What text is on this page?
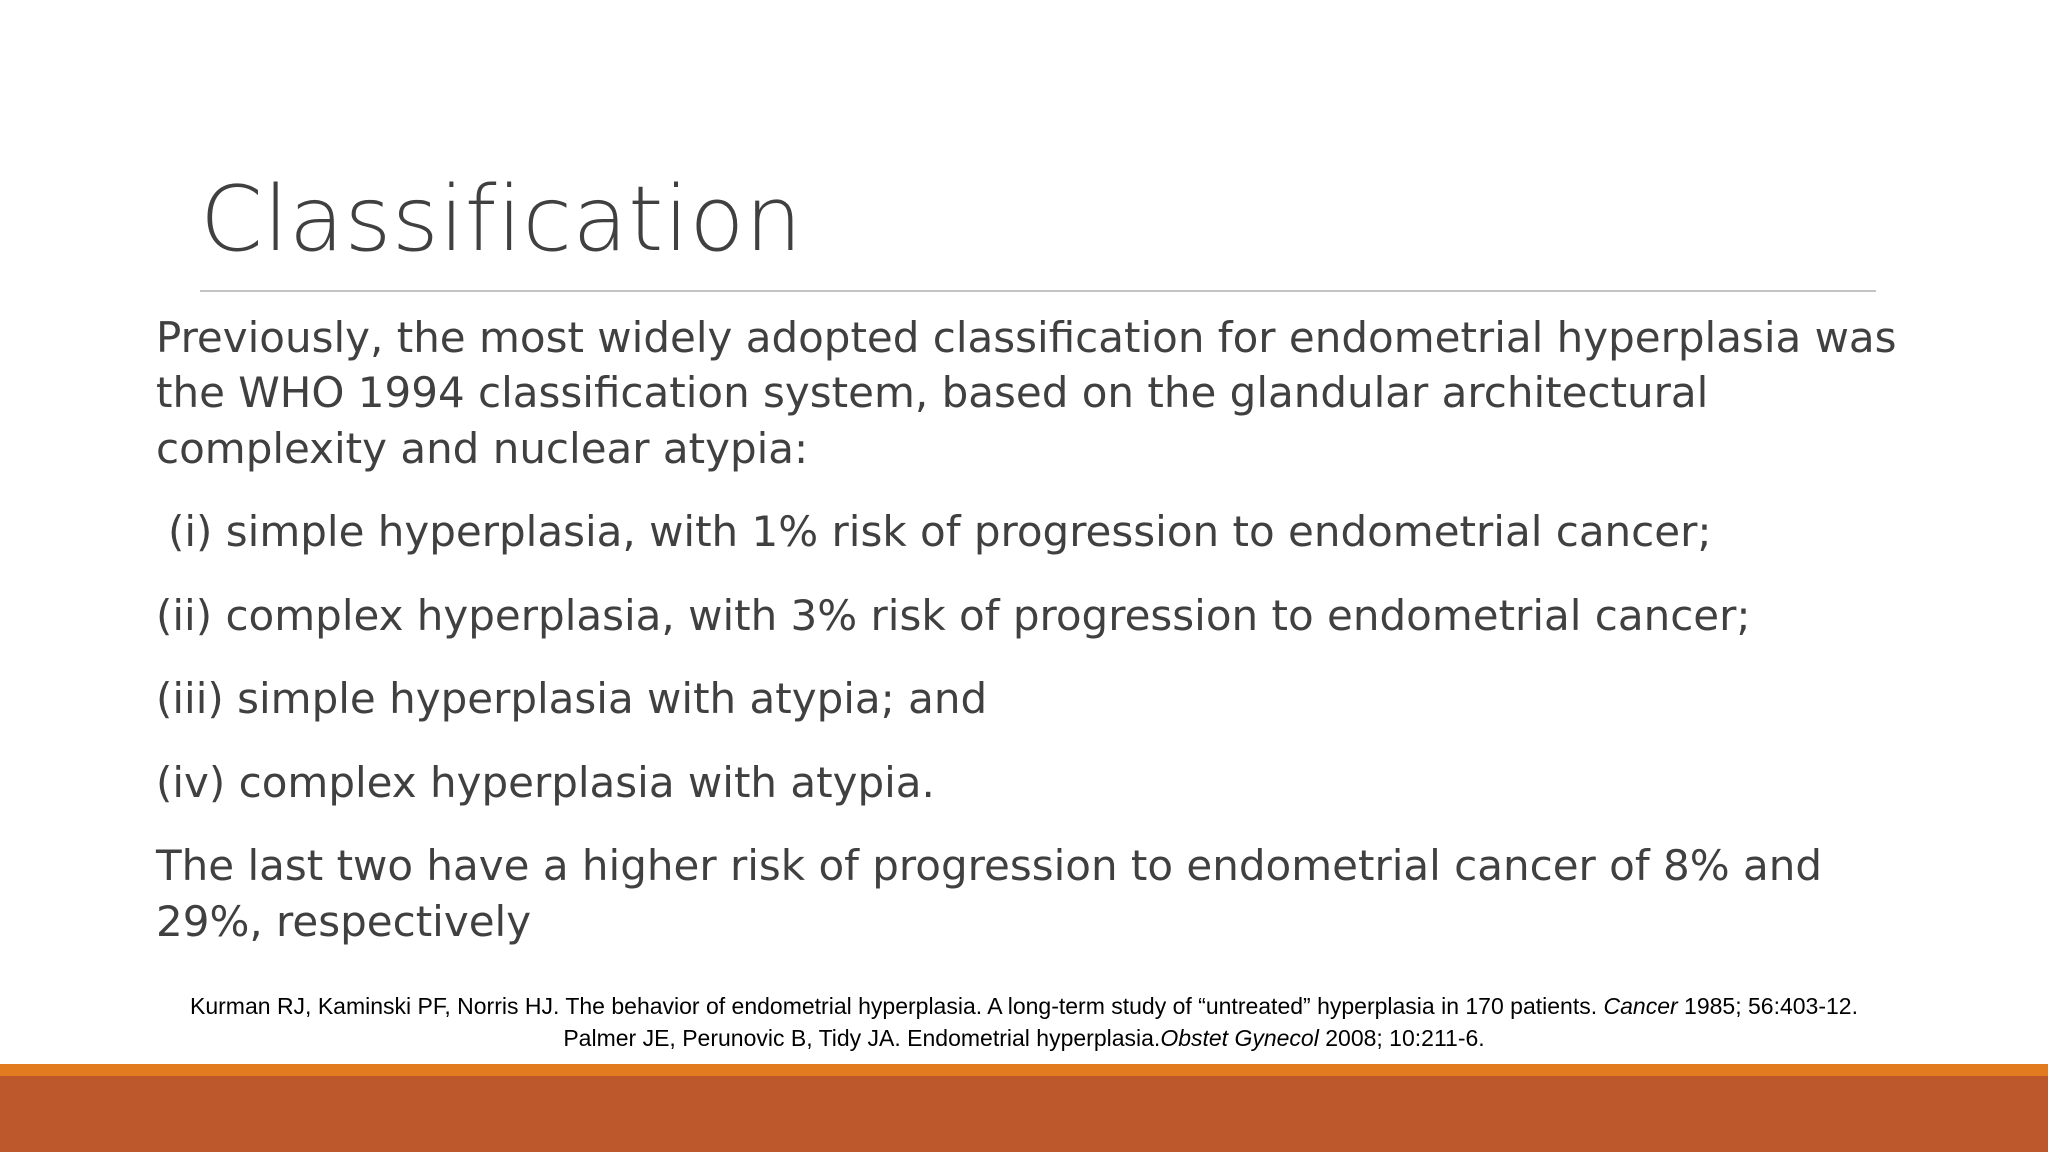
Classification

Previously, the most widely adopted classification for endometrial hyperplasia was the WHO 1994 classification system, based on the glandular architectural complexity and nuclear atypia:

(i) simple hyperplasia, with 1% risk of progression to endometrial cancer;

(ii) complex hyperplasia, with 3% risk of progression to endometrial cancer;

(iii) simple hyperplasia with atypia; and

(iv) complex hyperplasia with atypia.

The last two have a higher risk of progression to endometrial cancer of 8% and 29%, respectively

Kurman RJ, Kaminski PF, Norris HJ. The behavior of endometrial hyperplasia. A long-term study of “untreated” hyperplasia in 170 patients. Cancer 1985; 56:403-12.
Palmer JE, Perunovic B, Tidy JA. Endometrial hyperplasia.Obstet Gynecol 2008; 10:211-6.
